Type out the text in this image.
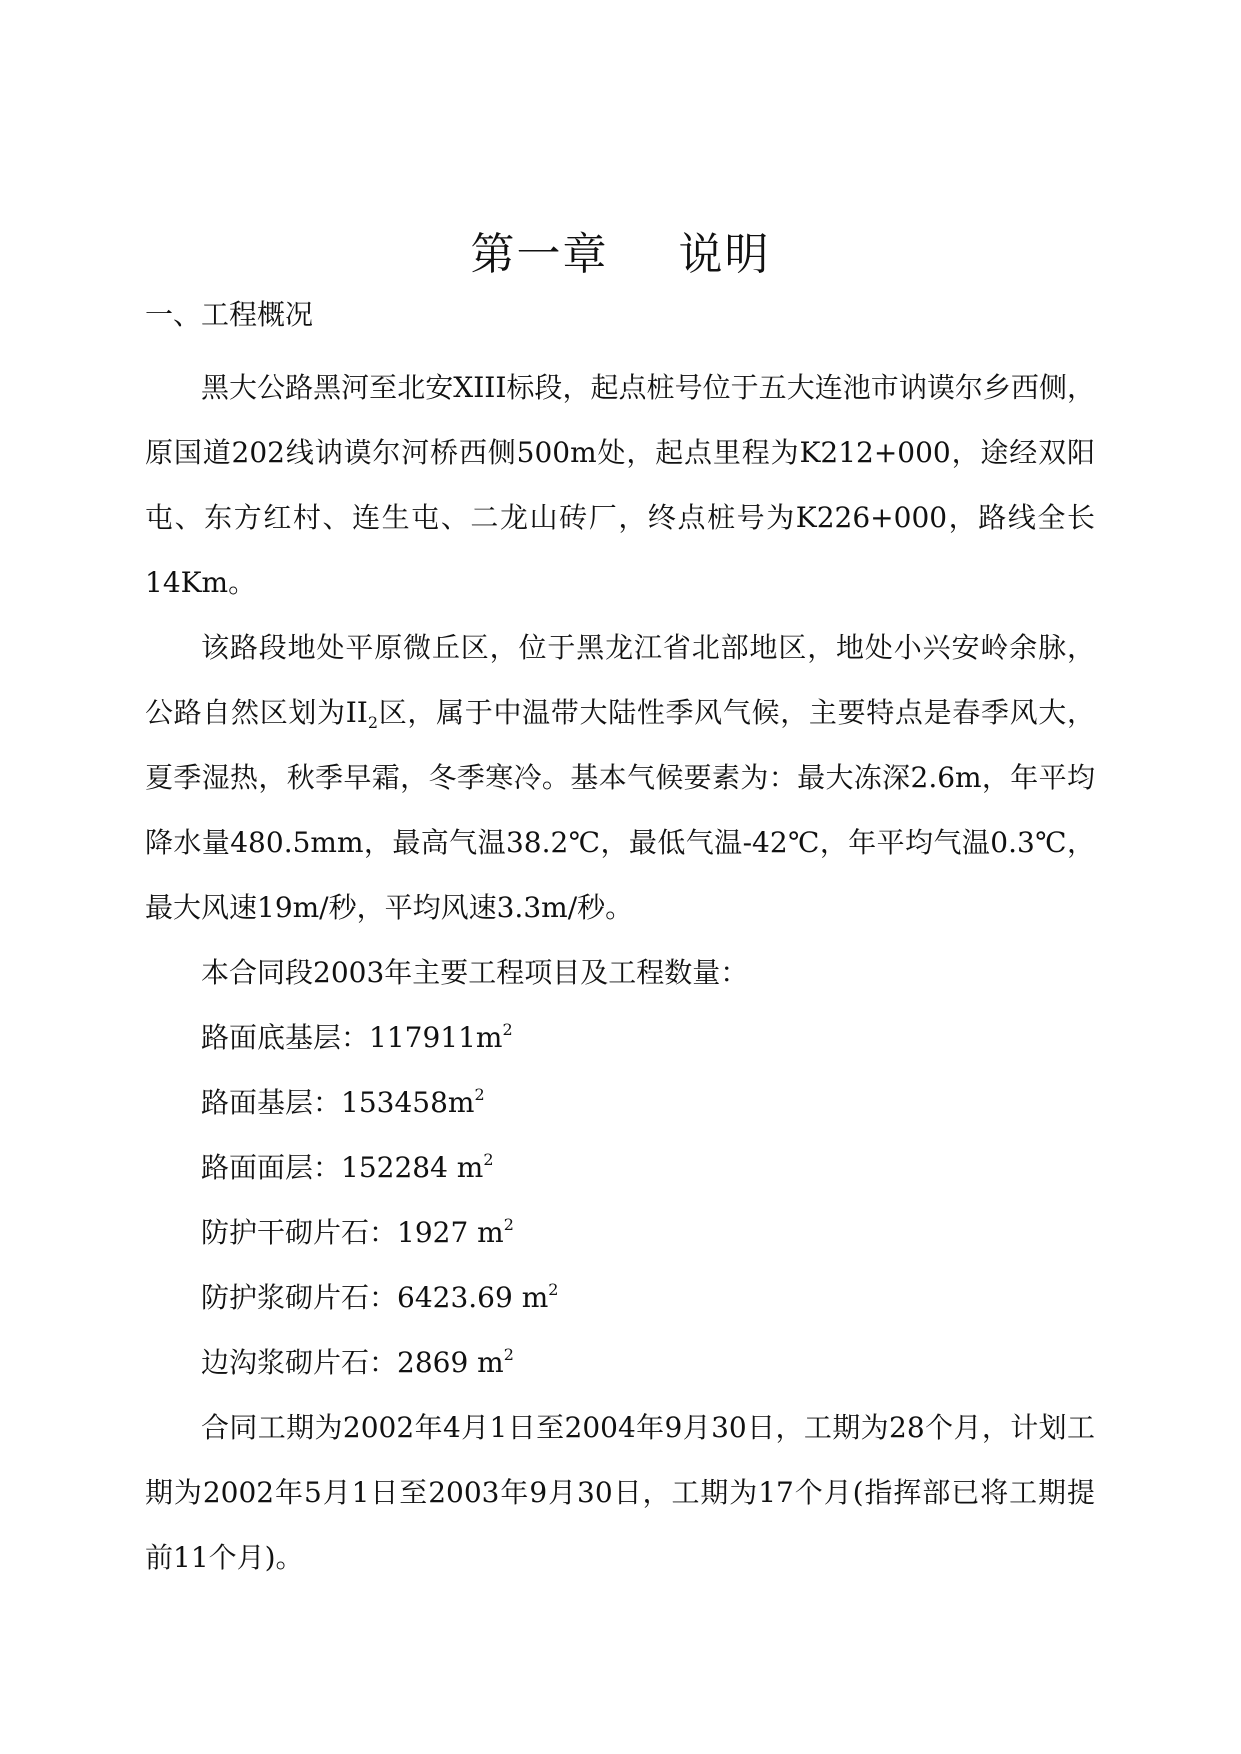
第一章 说明
一、工程概况

黑大公路黑河至北安XIII标段，起点桩号位于五大连池市讷谟尔乡西侧，原国道202线讷谟尔河桥西侧500m处，起点里程为K212+000，途经双阳屯、东方红村、连生屯、二龙山砖厂，终点桩号为K226+000，路线全长14Km。

该路段地处平原微丘区，位于黑龙江省北部地区，地处小兴安岭余脉，公路自然区划为$II_2$区，属于中温带大陆性季风气候，主要特点是春季风大，夏季湿热，秋季早霜，冬季寒冷。基本气候要素为：最大冻深2.6m，年平均降水量480.5mm，最高气温38.2℃，最低气温-42℃，年平均气温0.3℃，最大风速19m/秒，平均风速3.3m/秒。

本合同段2003年主要工程项目及工程数量：

路面底基层：$117911m^2$
路面基层：$153458m^2$
路面面层：152284 $m^2$
防护干砌片石：1927 $m^2$
防护浆砌片石：6423.69 $m^2$
边沟浆砌片石：2869 $m^2$

合同工期为2002年4月1日至2004年9月30日，工期为28个月，计划工期为2002年5月1日至2003年9月30日，工期为17个月(指挥部已将工期提前11个月)。
